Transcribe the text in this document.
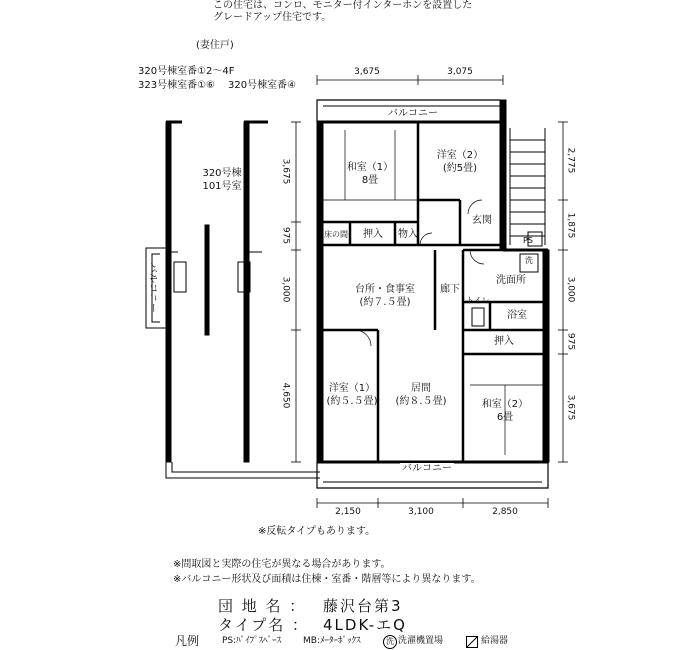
この住宅は、コンロ、モニター付インターホンを設置した
グレードアップ住宅です。
(妻住戸)
320号棟室番①2～4F
323号棟室番①⑥ 320号棟室番④
320号棟
101号室
3,675	3,075
3,675
975
3,000
4,650
2,775
1,875
3,000
975
3,675
2,150	3,100	2,850
バルコニー
バルコニー
バルコニー
和室（1）
8畳
洋室（2）
(約5畳)
床の間	押入	物入
玄関
PS
台所・食事室
(約７.５畳)
廊下
トイレ
洗面所
洗
浴室
押入
洋室（1）
(約５.５畳)
居間
(約８.５畳)	和室（2）
6畳
※反転タイプもあります。
※間取図と実際の住宅が異なる場合があります。
※バルコニー形状及び面積は住棟・室番・階層等により異なります。
団 地 名 ： 藤沢台第3
タイプ名 ： 4LDK-エQ
凡例	PS:ﾊﾟｲﾌﾟｽﾍﾟｰｽ MB:ﾒｰﾀｰﾎﾞｯｸｽ	洗 洗濯機置場	給湯器
